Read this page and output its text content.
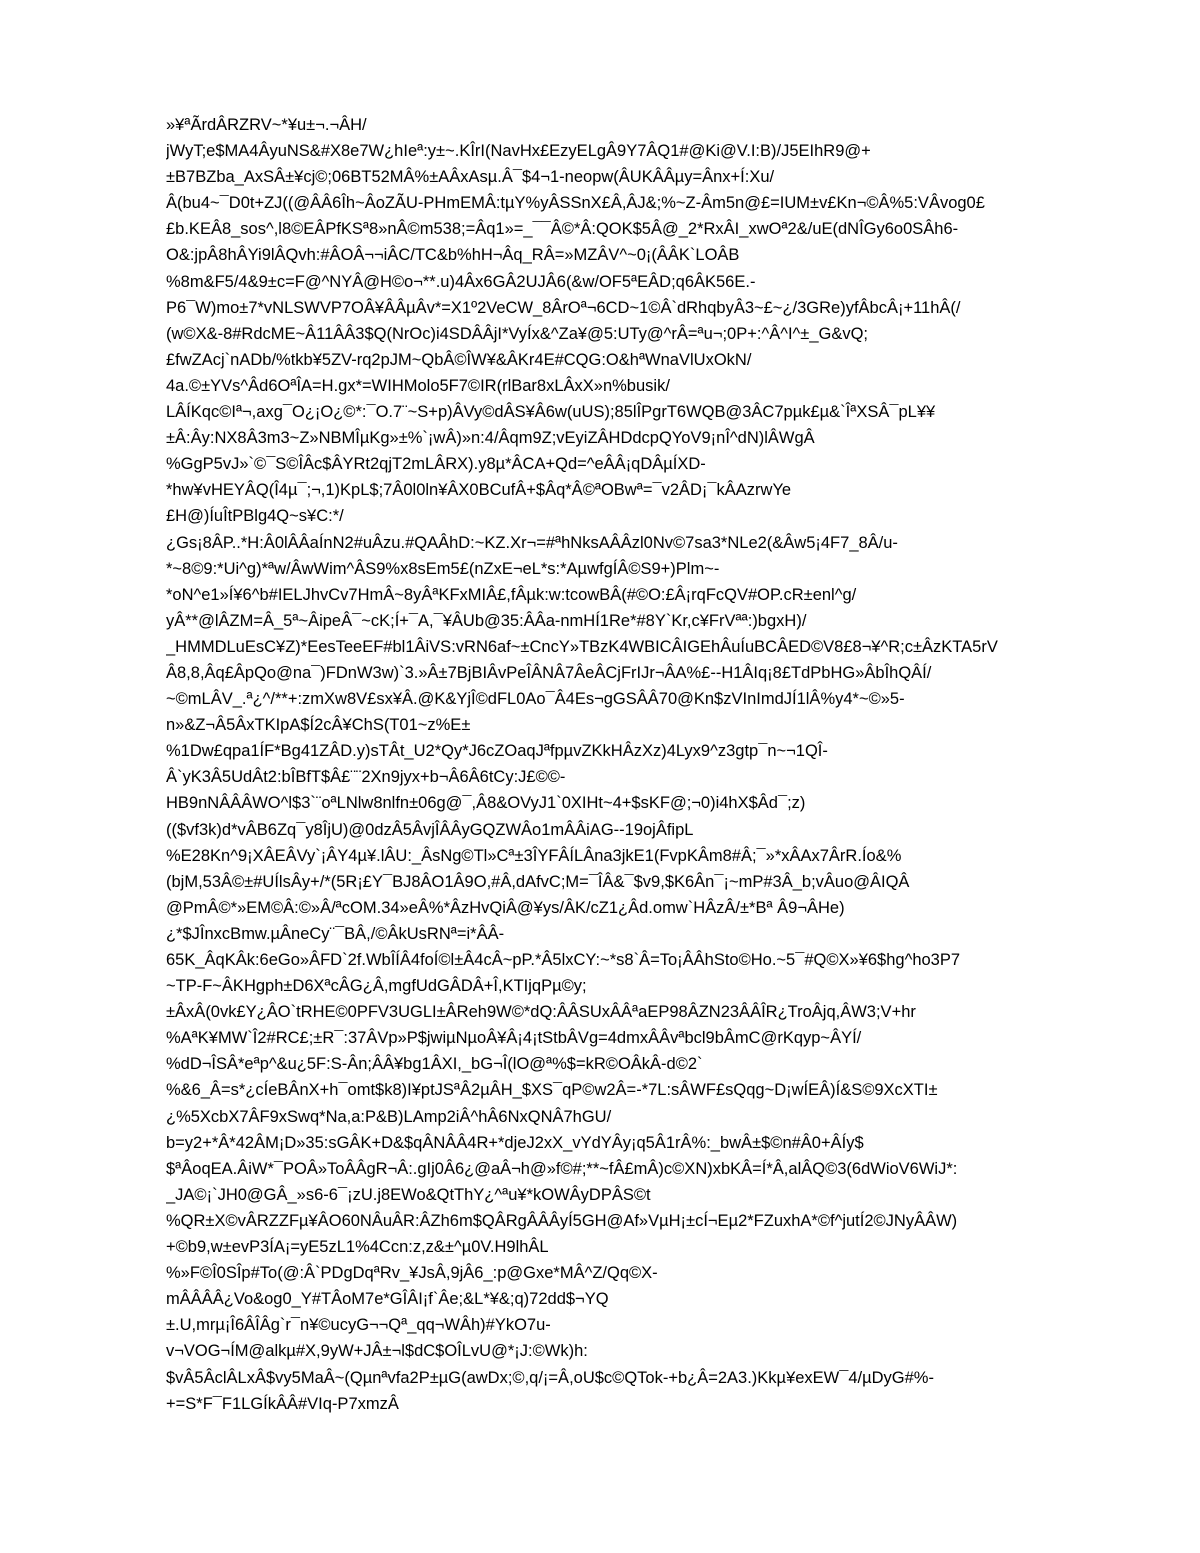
»¥ªÃrdÂRZRV~*¥u±¬.¬ÂH/
jWyT;e$MA4ÂyuNS&#X8e7W¿hIeª:y±~.KÎrI(NavHx£EzyELgÂ9Y7ÂQ1#@Ki@V.I:B)/J5EIhR9@+
±B7BZba_AxSÂ±¥cj©;06BT52MÂ%±AÂxAsµ.Â¯$4¬1-neopw(ÂUKÂÂµy=Ânx+Í:Xu/
Â(bu4~¯D0t+ZJ((@ÂÂ6Îh~ÂoZÃU-PHmEMÂ:tµY%yÂSSnX£Â,ÂJ&;%~Z-Âm5n@£=IUM±v£Kn¬©Â%5:VÂvog0£
£b.KEÂ8_sos^,l8©EÂPfKSª8»nÂ©m538;=Âq1»=_¯¯Â©*Â:QOK$5Â@_2*RxÂI_xwOª2&/uE(dNÎGy6o0SÂh6-
O&:jpÂ8hÂYi9lÂQvh:#ÂOÂ¬¬iÂC/TC&b%hH¬Âq_RÂ=»MZÂV^~0¡(ÂÂK`LOÂB
%8m&F5/4&9±c=F@^NYÂ@H©o¬**.u)4Âx6GÂ2UJÂ6(&w/OF5ªEÂD;q6ÂK56E.-
P6¯W)mo±7*vNLSWVP7OÂ¥ÂÂµÂv*=X1º2VeCW_8ÂrOª¬6CD~1©Â`dRhqbyÂ3~£~¿/3GRe)yfÂbcÂ¡+11hÂ(/
(w©X&-8#RdcME~Â11ÂÂ3$Q(NrOc)i4SDÂÂjI*VyÍx&^Za¥@5:UTy@^rÂ=ªu¬;0P+:^Â^I^±_G&vQ;
£fwZAcj`nADb/%tkb¥5ZV-rq2pJM~QbÂ©ÎW¥&ÂKr4E#CQG:O&hªWnaVlUxOkN/
4a.©±YVs^Âd6OªÎA=H.gx*=WIHMolo5F7©IR(rlBar8xLÂxX»n%busik/
LÂÍKqc©Iª¬,axg¯O¿¡O¿©*:¯O.7¨~S+p)ÂVy©dÂS¥Â6w(uUS);85lÎPgrT6WQB@3ÂC7pµk£µ&`ÎªXSÂ¯pL¥¥
±Â:Ây:NX8Â3m3~Z»NBMÎµKg»±%`¡wÂ)»n:4/Âqm9Z;vEyiZÂHDdcpQYoV9¡nÎ^dN)lÂWgÂ
%GgP5vJ»`©¯S©ÎÂc$ÂYRt2qjT2mLÂRX).y8µ*ÂCA+Qd=^eÂÂ¡qDÂµÍXD-
*hw¥vHEYÂQ(Î4µ¯;¬,1)KpL$;7Â0l0ln¥ÂX0BCufÂ+$Âq*Â©ªOBwª=¯v2ÂD¡¯kÂAzrwYe
£H@)ÍuÎtPBlg4Q~s¥C:*/
¿Gs¡8ÂP..*H:Â0lÂÂaÍnN2#uÂzu.#QAÂhD:~KZ.Xr¬=#ªhNksAÂÂzl0Nv©7sa3*NLe2(&Âw5¡4F7_8Â/u-
*~8©9:*Ui^g)*ªw/ÂwWim^ÂS9%x8sEm5£(nZxE¬eL*s:*AµwfgÍÂ©S9+)Plm~-
*oN^e1»Í¥6^b#IELJhvCv7HmÂ~8yÂªKFxMIÂ£,fÂµk:w:tcowBÂ(#©O:£Â¡rqFcQV#OP.cR±enl^g/
yÂ**@lÂZM=Â_5ª~ÂipeÂ¯~cK;Í+¯A,¯¥ÂUb@35:ÂÂa-nmHÍ1Re*#8Y`Kr,c¥FrVªª:)bgxH)/
_HMMDLuEsC¥Z)*EesTeeEF#bl1ÂiVS:vRN6af~±CncY»TBzK4WBICÂIGEhÂuÍuBCÂED©V8£8¬¥^R;c±ÂzKTA5rV
Â8,8,Âq£ÂpQo@na¯)FDnW3w)`3.»Â±7BjBIÂvPeÎÂNÂ7ÂeÂCjFrIJr¬ÂA%£--H1ÂIq¡8£TdPbHG»ÂbÎhQÂÍ/
~©mLÂV_.ª¿^/**+:zmXw8V£sx¥Â.@K&YjÎ©dFL0Ao¯Â4Es¬gGSÂÂ70@Kn$zVInImdJÍ1lÂ%y4*~©»5-
n»&Z¬Â5ÂxTKIpA$Í2cÂ¥ChS(T01~z%E±
%1Dw£qpa1ÍF*Bg41ZÂD.y)sTÂt_U2*Qy*J6cZOaqJªfpµvZKkHÂzXz)4Lyx9^z3gtp¯n~¬1QÎ-
Â`yK3Â5UdÂt2:bÎBfT$Â£¨¨2Xn9jyx+b¬Â6Â6tCy:J£©©-
HB9nNÂÂÂWO^l$3`¨oªLNlw8nlfn±06g@¯,Â8&OVyJ1`0XIHt~4+$sKF@;¬0)i4hX$Âd¯;z)
(($vf3k)d*vÂB6Zq¯y8ÎjU)@0dzÂ5ÂvjÎÂÂyGQZWÂo1mÂÂiAG--19ojÂfipL
%E28Kn^9¡XÂEÂVy`¡ÂY4µ¥.lÂU:_ÂsNg©Tl»Cª±3ÎYFÂÍLÂna3jkE1(FvpKÂm8#Â;¯»*xÂAx7ÂrR.Ío&%
(bjM,53Â©±#UÍlsÂy+/*(5R¡£Y¯BJ8ÂO1Â9O,#Â,dAfvC;M=¯ÎÂ&¯$v9,$K6Ân¯¡~mP#3Â_b;vÂuo@ÂIQÂ
@PmÂ©*»EM©Â:©»Â/ªcOM.34»eÂ%*ÂzHvQiÂ@¥ys/ÂK/cZ1¿Âd.omw`HÂzÂ/±*Bª Â9¬ÂHe)
¿*$JÎnxcBmw.µÂneCy¨¯BÂ,/©ÂkUsRNª=i*ÂÂ-
65K_ÂqKÂk:6eGo»ÂFD`2f.WbÎÍÂ4foÍ©l±Â4cÂ~pP.*Â5lxCY:~*s8`Â=To¡ÂÂhSto©Ho.~5¯#Q©X»¥6$hg^ho3P7
~TP-F~ÂKHgph±D6XªcÂG¿Â,mgfUdGÂDÂ+Î,KTIjqPµ©y;
±ÂxÂ(0vk£Y¿ÂO`tRHE©0PFV3UGLI±ÂReh9W©*dQ:ÂÂSUxÂÂªaEP98ÂZN23ÂÂÎR¿TroÂjq,ÂW3;V+hr
%AªK¥MW`Î2#RC£;±R¯:37ÂVp»P$jwiµNµoÂ¥Â¡4¡tStbÂVg=4dmxÂÂvªbcl9bÂmC@rKqyp~ÂYÍ/
%dD¬ÎSÂ*eªp^&u¿5F:S-Ân;ÂÂ¥bg1ÂXI,_bG¬Î(lO@ª%$=kR©OÂkÂ-d©2`
%&6_Â=s*¿cÍeBÂnX+h¯omt$k8)I¥ptJSªÂ2µÂH_$XS¯qP©w2Â=-*7L:sÂWF£sQqg~D¡wÍEÂ)Í&S©9XcXTI±
¿%5XcbX7ÂF9xSwq*Na,a:P&B)LAmp2iÂ^hÂ6NxQNÂ7hGU/
b=y2+*Â*42ÂM¡D»35:sGÂK+D&$qÂNÂÂ4R+*djeJ2xX_vYdYÂy¡q5Â1rÂ%:_bwÂ±$©n#Â0+ÂÍy$
$ªÂoqEA.ÂiW*¯POÂ»ToÂÂgR¬Â:.gIj0Â6¿@aÂ¬h@»f©#;**~fÂ£mÂ)c©XN)xbKÂ=Í*Â,alÂQ©3(6dWioV6WiJ*:
_JA©¡`JH0@GÂ_»s6-6¯¡zU.j8EWo&QtThY¿^ªu¥*kOWÂyDPÂS©t
%QR±X©vÂRZZFµ¥ÂO60NÂuÂR:ÂZh6m$QÂRgÂÂÂyÍ5GH@Af»VµH¡±cÍ¬Eµ2*FZuxhA*©f^jutÍ2©JNyÂÂW)
+©b9,w±evP3ÍA¡=yE5zL1%4Ccn:z,z&±^µ0V.H9lhÂL
%»F©Î0SÎp#To(@:Â`PDgDqªRv_¥JsÂ,9jÂ6_:p@Gxe*MÂ^Z/Qq©X-
mÂÂÂÂ¿Vo&og0_Y#TÂoM7e*GÎÂI¡f`Âe;&L*¥&;q)72dd$¬YQ
±.U,mrµ¡Î6ÂÎÂg`r¯n¥©ucyG¬¬Qª_qq¬WÂh)#YkO7u-
v¬VOG¬ÍM@alkµ#X,9yW+JÂ±¬l$dC$OÎLvU@*¡J:©Wk)h:
$vÂ5ÂclÂLxÂ$vy5MaÂ~(Qµnªvfa2P±µG(awDx;©,q/¡=Â,oU$c©QTok-+b¿Â=2A3.)Kkµ¥exEW¯4/µDyG#%-
+=S*F¯F1LGÍkÂÂ#VIq-P7xmzÂ
